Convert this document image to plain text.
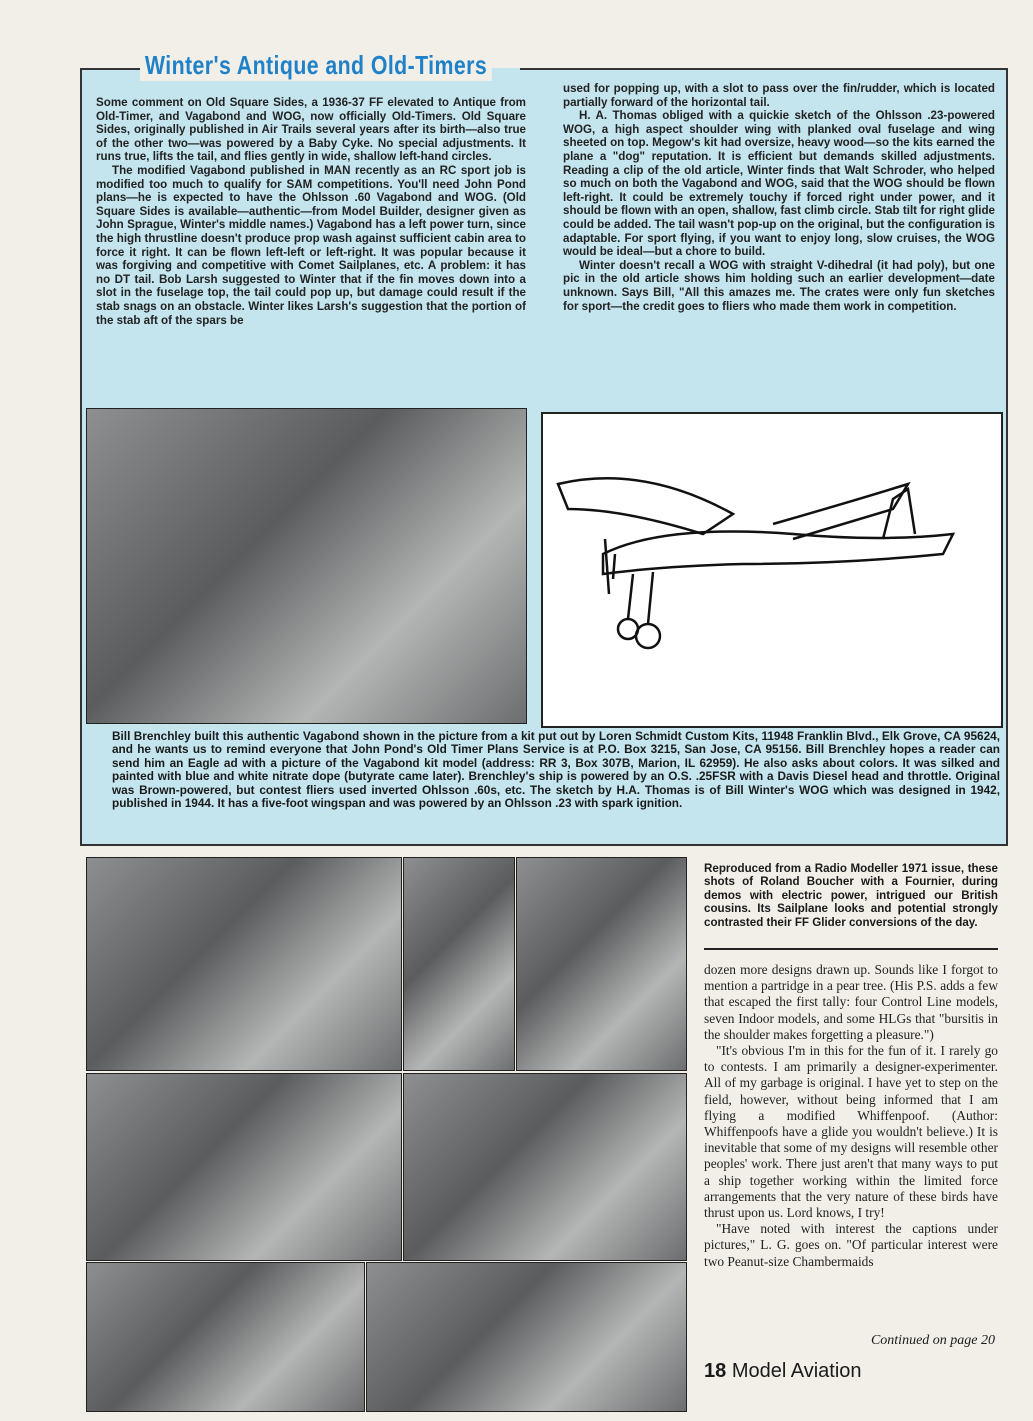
Winter's Antique and Old-Timers

Some comment on Old Square Sides, a 1936-37 FF elevated to Antique from Old-Timer, and Vagabond and WOG, now officially Old-Timers. Old Square Sides, originally published in Air Trails several years after its birth—also true of the other two—was powered by a Baby Cyke. No special adjustments. It runs true, lifts the tail, and flies gently in wide, shallow left-hand circles.

The modified Vagabond published in MAN recently as an RC sport job is modified too much to qualify for SAM competitions. You'll need John Pond plans—he is expected to have the Ohlsson .60 Vagabond and WOG. (Old Square Sides is available—authentic—from Model Builder, designer given as John Sprague, Winter's middle names.) Vagabond has a left power turn, since the high thrustline doesn't produce prop wash against sufficient cabin area to force it right. It can be flown left-left or left-right. It was popular because it was forgiving and competitive with Comet Sailplanes, etc. A problem: it has no DT tail. Bob Larsh suggested to Winter that if the fin moves down into a slot in the fuselage top, the tail could pop up, but damage could result if the stab snags on an obstacle. Winter likes Larsh's suggestion that the portion of the stab aft of the spars be

used for popping up, with a slot to pass over the fin/rudder, which is located partially forward of the horizontal tail.

H. A. Thomas obliged with a quickie sketch of the Ohlsson .23-powered WOG, a high aspect shoulder wing with planked oval fuselage and wing sheeted on top. Megow's kit had oversize, heavy wood—so the kits earned the plane a "dog" reputation. It is efficient but demands skilled adjustments. Reading a clip of the old article, Winter finds that Walt Schroder, who helped so much on both the Vagabond and WOG, said that the WOG should be flown left-right. It could be extremely touchy if forced right under power, and it should be flown with an open, shallow, fast climb circle. Stab tilt for right glide could be added. The tail wasn't pop-up on the original, but the configuration is adaptable. For sport flying, if you want to enjoy long, slow cruises, the WOG would be ideal—but a chore to build.

Winter doesn't recall a WOG with straight V-dihedral (it had poly), but one pic in the old article shows him holding such an earlier development—date unknown. Says Bill, "All this amazes me. The crates were only fun sketches for sport—the credit goes to fliers who made them work in competition.

Bill Brenchley built this authentic Vagabond shown in the picture from a kit put out by Loren Schmidt Custom Kits, 11948 Franklin Blvd., Elk Grove, CA 95624, and he wants us to remind everyone that John Pond's Old Timer Plans Service is at P.O. Box 3215, San Jose, CA 95156. Bill Brenchley hopes a reader can send him an Eagle ad with a picture of the Vagabond kit model (address: RR 3, Box 307B, Marion, IL 62959). He also asks about colors. It was silked and painted with blue and white nitrate dope (butyrate came later). Brenchley's ship is powered by an O.S. .25FSR with a Davis Diesel head and throttle. Original was Brown-powered, but contest fliers used inverted Ohlsson .60s, etc. The sketch by H.A. Thomas is of Bill Winter's WOG which was designed in 1942, published in 1944. It has a five-foot wingspan and was powered by an Ohlsson .23 with spark ignition.
Reproduced from a Radio Modeller 1971 issue, these shots of Roland Boucher with a Fournier, during demos with electric power, intrigued our British cousins. Its Sailplane looks and potential strongly contrasted their FF Glider conversions of the day.

dozen more designs drawn up. Sounds like I forgot to mention a partridge in a pear tree. (His P.S. adds a few that escaped the first tally: four Control Line models, seven Indoor models, and some HLGs that "bursitis in the shoulder makes forgetting a pleasure.")

"It's obvious I'm in this for the fun of it. I rarely go to contests. I am primarily a designer-experimenter. All of my garbage is original. I have yet to step on the field, however, without being informed that I am flying a modified Whiffenpoof. (Author: Whiffenpoofs have a glide you wouldn't believe.) It is inevitable that some of my designs will resemble other peoples' work. There just aren't that many ways to put a ship together working within the limited force arrangements that the very nature of these birds have thrust upon us. Lord knows, I try!

"Have noted with interest the captions under pictures," L. G. goes on. "Of particular interest were two Peanut-size Chambermaids

Continued on page 20
18 Model Aviation
